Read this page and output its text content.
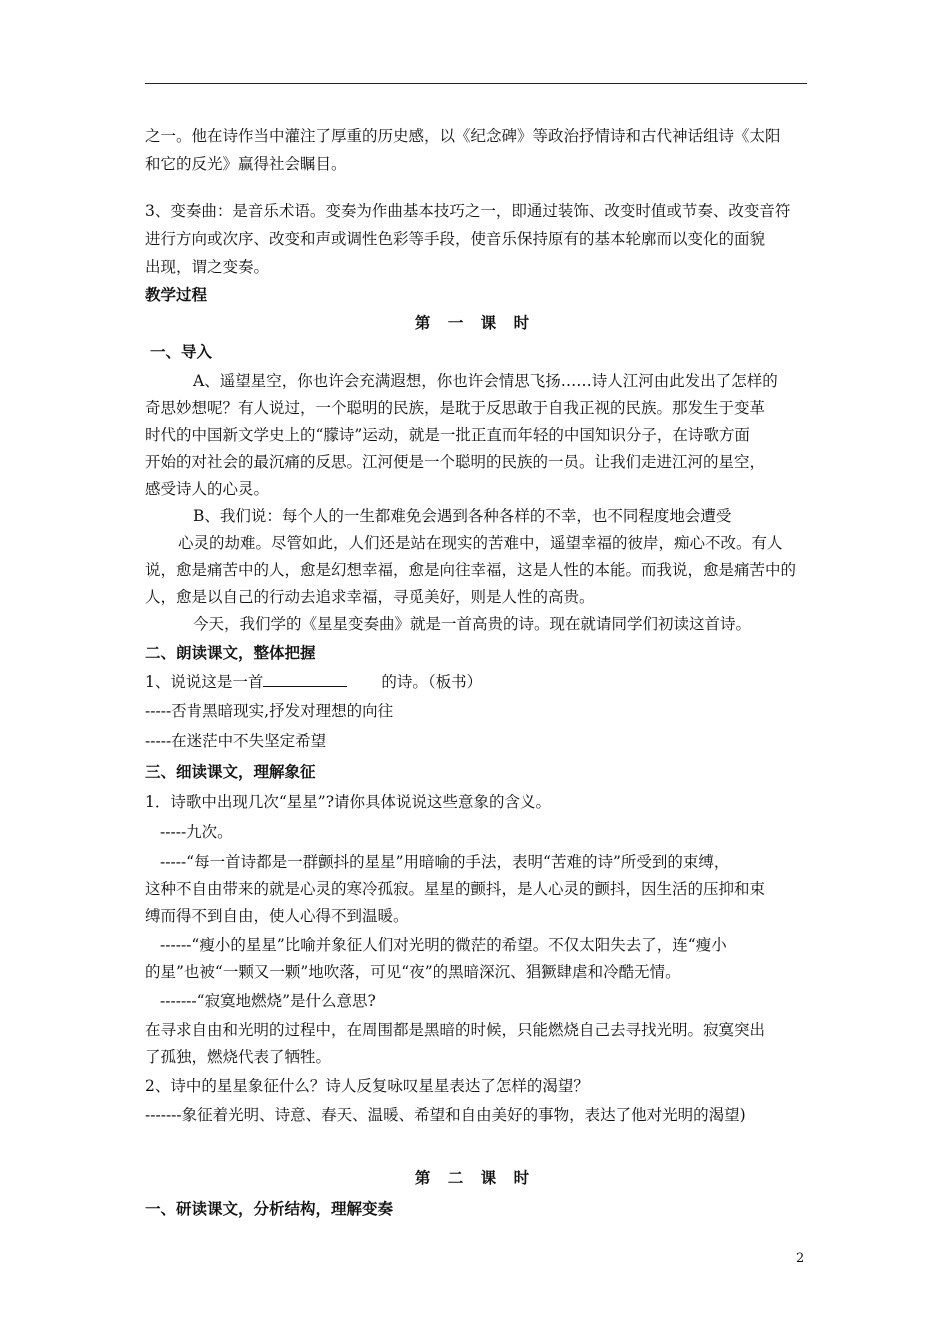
之一。他在诗作当中灌注了厚重的历史感，以《纪念碑》等政治抒情诗和古代神话组诗《太阳
和它的反光》赢得社会瞩目。
3、变奏曲：是音乐术语。变奏为作曲基本技巧之一，即通过装饰、改变时值或节奏、改变音符
进行方向或次序、改变和声或调性色彩等手段，使音乐保持原有的基本轮廓而以变化的面貌
出现，谓之变奏。
教学过程
第 一 课 时
一、导入
A、遥望星空，你也许会充满遐想，你也许会情思飞扬……诗人江河由此发出了怎样的
奇思妙想呢？有人说过，一个聪明的民族，是耽于反思敢于自我正视的民族。那发生于变革
时代的中国新文学史上的“朦诗”运动，就是一批正直而年轻的中国知识分子，在诗歌方面
开始的对社会的最沉痛的反思。江河便是一个聪明的民族的一员。让我们走进江河的星空，
感受诗人的心灵。
B、我们说：每个人的一生都难免会遇到各种各样的不幸，也不同程度地会遭受
心灵的劫难。尽管如此，人们还是站在现实的苦难中，遥望幸福的彼岸，痴心不改。有人
说，愈是痛苦中的人，愈是幻想幸福，愈是向往幸福，这是人性的本能。而我说，愈是痛苦中的
人，愈是以自己的行动去追求幸福，寻觅美好，则是人性的高贵。
今天，我们学的《星星变奏曲》就是一首高贵的诗。现在就请同学们初读这首诗。
二、朗读课文，整体把握
1、说说这是一首	的诗。（板书）
-----否肯黑暗现实,抒发对理想的向往
-----在迷茫中不失坚定希望
三、细读课文，理解象征
1．诗歌中出现几次“星星”?请你具体说说这些意象的含义。
-----九次。
-----“每一首诗都是一群颤抖的星星”用暗喻的手法，表明“苦难的诗”所受到的束缚，
这种不自由带来的就是心灵的寒冷孤寂。星星的颤抖，是人心灵的颤抖，因生活的压抑和束
缚而得不到自由，使人心得不到温暖。
------“瘦小的星星”比喻并象征人们对光明的微茫的希望。不仅太阳失去了，连“瘦小
的星”也被“一颗又一颗”地吹落，可见“夜”的黑暗深沉、猖獗肆虐和冷酷无情。
-------“寂寞地燃烧”是什么意思?
在寻求自由和光明的过程中，在周围都是黑暗的时候，只能燃烧自己去寻找光明。寂寞突出
了孤独，燃烧代表了牺牲。
2、诗中的星星象征什么？诗人反复咏叹星星表达了怎样的渴望？
-------象征着光明、诗意、春天、温暖、希望和自由美好的事物，表达了他对光明的渴望)
第 二 课 时
一、研读课文，分析结构，理解变奏
2
